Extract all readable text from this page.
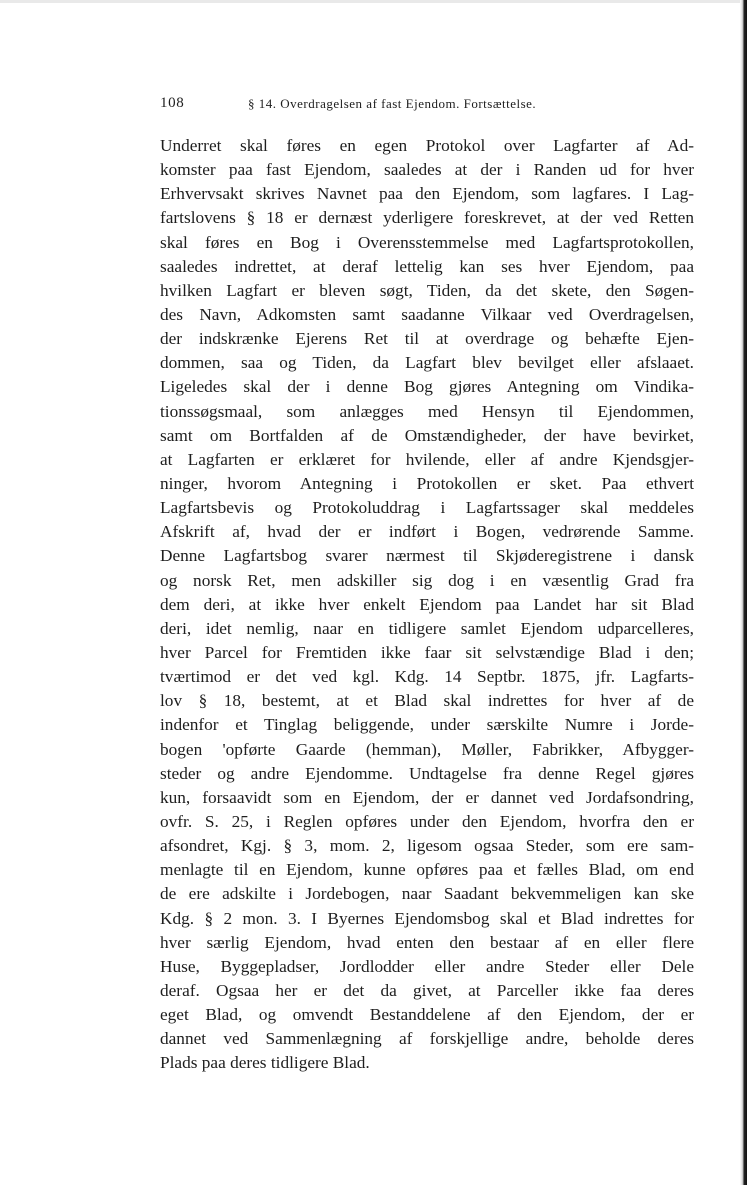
108	§ 14. Overdragelsen af fast Ejendom. Fortsættelse.
Underret skal føres en egen Protokol over Lagfarter af Ad-
komster paa fast Ejendom, saaledes at der i Randen ud for hver
Erhvervsakt skrives Navnet paa den Ejendom, som lagfares. I Lag-
fartslovens § 18 er dernæst yderligere foreskrevet, at der ved Retten
skal føres en Bog i Overensstemmelse med Lagfartsprotokollen,
saaledes indrettet, at deraf lettelig kan ses hver Ejendom, paa
hvilken Lagfart er bleven søgt, Tiden, da det skete, den Søgen-
des Navn, Adkomsten samt saadanne Vilkaar ved Overdragelsen,
der indskrænke Ejerens Ret til at overdrage og behæfte Ejen-
dommen, saa og Tiden, da Lagfart blev bevilget eller afslaaet.
Ligeledes skal der i denne Bog gjøres Antegning om Vindika-
tionssøgsmaal, som anlægges med Hensyn til Ejendommen,
samt om Bortfalden af de Omstændigheder, der have bevirket,
at Lagfarten er erklæret for hvilende, eller af andre Kjendsgjer-
ninger, hvorom Antegning i Protokollen er sket. Paa ethvert
Lagfartsbevis og Protokoluddrag i Lagfartssager skal meddeles
Afskrift af, hvad der er indført i Bogen, vedrørende Samme.
Denne Lagfartsbog svarer nærmest til Skjøderegistrene i dansk
og norsk Ret, men adskiller sig dog i en væsentlig Grad fra
dem deri, at ikke hver enkelt Ejendom paa Landet har sit Blad
deri, idet nemlig, naar en tidligere samlet Ejendom udparcelleres,
hver Parcel for Fremtiden ikke faar sit selvstændige Blad i den;
tværtimod er det ved kgl. Kdg. 14 Septbr. 1875, jfr. Lagfarts-
lov § 18, bestemt, at et Blad skal indrettes for hver af de
indenfor et Tinglag beliggende, under særskilte Numre i Jorde-
bogen 'opførte Gaarde (hemman), Møller, Fabrikker, Afbygger-
steder og andre Ejendomme. Undtagelse fra denne Regel gjøres
kun, forsaavidt som en Ejendom, der er dannet ved Jordafsondring,
ovfr. S. 25, i Reglen opføres under den Ejendom, hvorfra den er
afsondret, Kgj. § 3, mom. 2, ligesom ogsaa Steder, som ere sam-
menlagte til en Ejendom, kunne opføres paa et fælles Blad, om end
de ere adskilte i Jordebogen, naar Saadant bekvemmeligen kan ske
Kdg. § 2 mon. 3. I Byernes Ejendomsbog skal et Blad indrettes for
hver særlig Ejendom, hvad enten den bestaar af en eller flere
Huse, Byggepladser, Jordlodder eller andre Steder eller Dele
deraf. Ogsaa her er det da givet, at Parceller ikke faa deres
eget Blad, og omvendt Bestanddelene af den Ejendom, der er
dannet ved Sammenlægning af forskjellige andre, beholde deres
Plads paa deres tidligere Blad.
